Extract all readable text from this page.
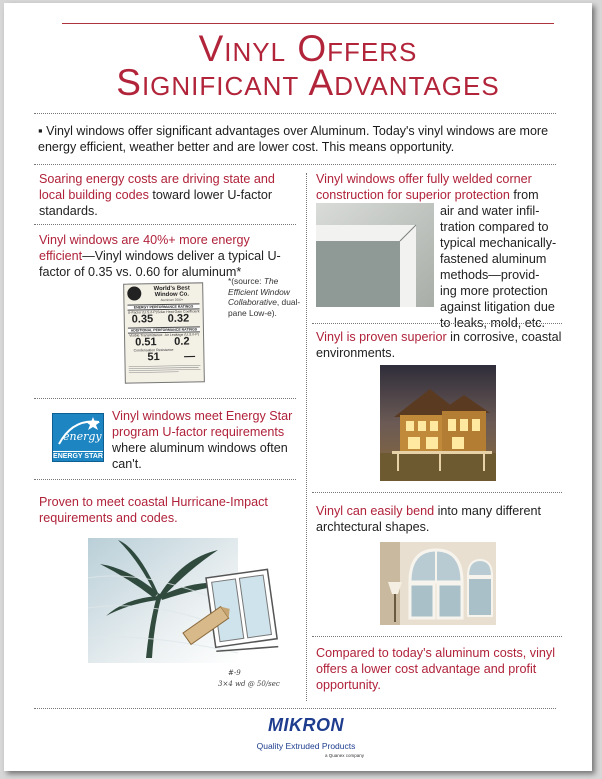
Vinyl Offers
Significant Advantages
▪ Vinyl windows offer significant advantages over Aluminum. Today's vinyl windows are more energy efficient, weather better and are lower cost. This means opportunity.
Soaring energy costs are driving state and local building codes toward lower U-factor standards.
Vinyl windows are 40%+ more energy efficient—Vinyl windows deliver a typical U-factor of 0.35 vs. 0.60 for aluminum*
World's Best Window Co.
Aluminum 2000+
ENERGY PERFORMANCE RATINGS
U-Factor (U.S./I-P)
0.35
Solar Heat Gain Coefficient
0.32
ADDITIONAL PERFORMANCE RATINGS
Visible Transmittance
0.51
Air Leakage (U.S./I-P)
0.2
Condensation Resistance
51
	—
*(source: The Efficient Window Collaborative, dual-pane Low-e).
energy
ENERGY STAR
Vinyl windows meet Energy Star program U-factor requirements where aluminum windows often can't.
Proven to meet coastal Hurricane-Impact requirements and codes.
#-9
3×4 wd @ 50/sec
Vinyl windows offer fully welded corner construction for superior protection from
air and water infil-
tration compared to
typical mechanically-
fastened aluminum
methods—provid-
ing more protection
against litigation due
to leaks, mold, etc.
Vinyl is proven superior in corrosive, coastal environments.
Vinyl can easily bend into many different archtectural shapes.
Compared to today's aluminum costs, vinyl offers a lower cost advantage and profit opportunity.
MIKRON
Quality Extruded Products
a Quanex company
